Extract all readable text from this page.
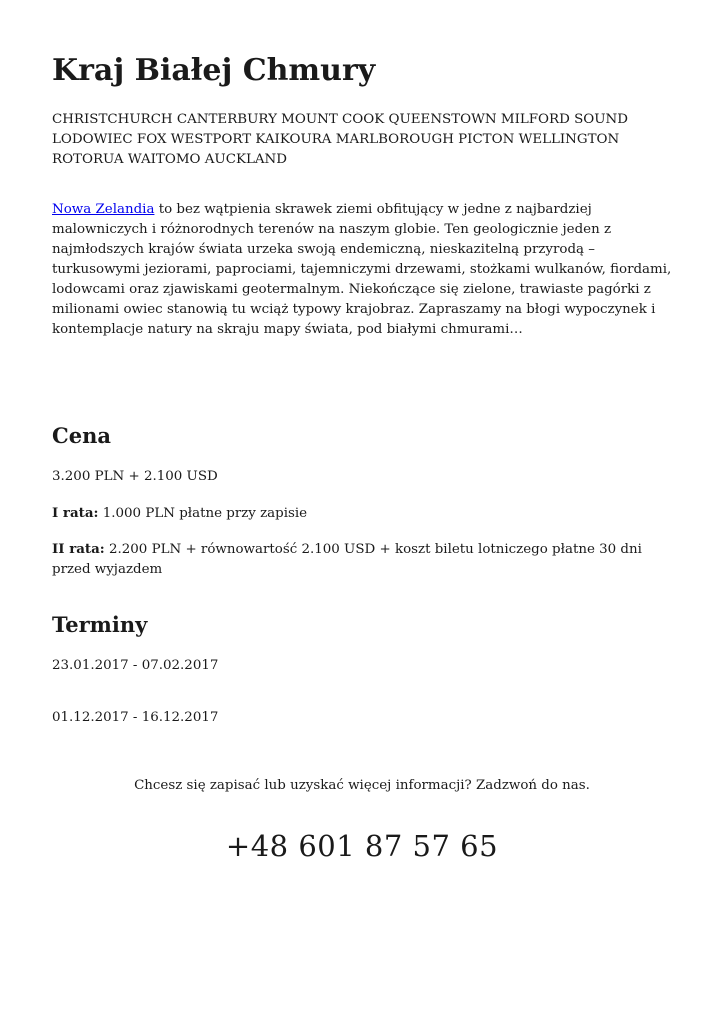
Kraj Białej Chmury

CHRISTCHURCH CANTERBURY MOUNT COOK QUEENSTOWN MILFORD SOUND LODOWIEC FOX WESTPORT KAIKOURA MARLBOROUGH PICTON WELLINGTON ROTORUA WAITOMO AUCKLAND

Nowa Zelandia to bez wątpienia skrawek ziemi obfitujący w jedne z najbardziej malowniczych i różnorodnych terenów na naszym globie. Ten geologicznie jeden z najmłodszych krajów świata urzeka swoją endemiczną, nieskazitelną przyrodą – turkusowymi jeziorami, paprociami, tajemniczymi drzewami, stożkami wulkanów, fiordami, lodowcami oraz zjawiskami geotermalnym. Niekończące się zielone, trawiaste pagórki z milionami owiec stanowią tu wciąż typowy krajobraz. Zapraszamy na błogi wypoczynek i kontemplacje natury na skraju mapy świata, pod białymi chmurami…

Cena

3.200 PLN + 2.100 USD

I rata: 1.000 PLN płatne przy zapisie

II rata: 2.200 PLN + równowartość 2.100 USD + koszt biletu lotniczego płatne 30 dni przed wyjazdem

Terminy

23.01.2017 - 07.02.2017

01.12.2017 - 16.12.2017

Chcesz się zapisać lub uzyskać więcej informacji? Zadzwoń do nas.

+48 601 87 57 65
